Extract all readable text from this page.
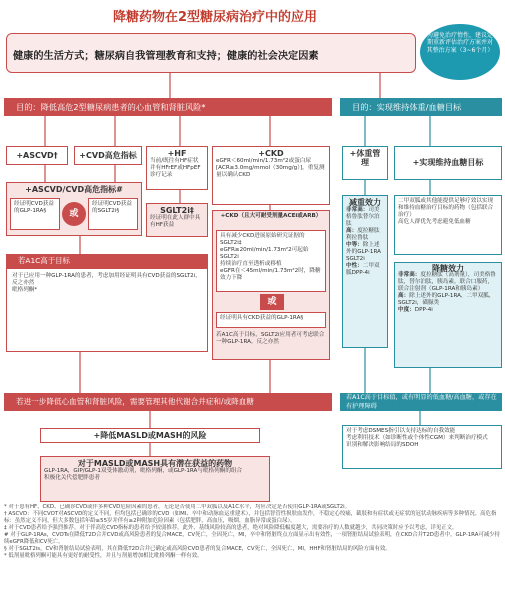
降糖药物在2型糖尿病治疗中的应用
健康的生活方式；糖尿病自我管理教育和支持；健康的社会决定因素
为避免治疗惰性，建议定期重新评估治疗方案并对其整治方案（3~6个月）
目的：降低高危2型糖尿病患者的心血管和肾脏风险*	目的：实现维持体重/血糖目标
+ASCVD†	+CVD高危指标	+HF
当前/既往有HF症状并有HFrEF或HFpEF诊疗记录
+CKD
eGFR＜60ml/min/1.73m²2或蛋白尿[ACR≥3.0mg/mmol（30mg/g）]，重复测量以确认CKD
+ASCVD/CVD高危指标#
经证明CVD获益的GLP-1RA§	或
经证明CVD获益的SGLT2i§	SGLT2i‡
经证明在此人群中具有HF获益
+CKD（且大可耐受剂量ACEi或ARB）
具有减少CKD进展原始研究证据的SGLT2i‡
eGFR≥20ml/min/1.73m²2可起始SGLT2i
持续治疗直至透析或移植
eGFR在＜45ml/min/1.73m²2时，降糖效力下降
或
经证明具有CKD获益的GLP-1RA§
若A1C高于目标，SGLT2i应用者可考虑联合一种GLP-1RA，反之亦然
若A1C高于目标
对于已应用一种GLP-1RA的患者，考虑加用经证明具有CVD获益的SGLT2i，反之亦然
吡格列酮*
+体重管理	+实现维持血糖目标
减重效力
非常高：司美格鲁肽替尔泊肽
高：度拉糖肽利拉鲁肽
中等：除上述外的GLP-1RA SGLT2i
中性：二甲双胍DPP-4i
二甲双胍或其他能提供足够疗效以实现和维持血糖治疗目标的药物（包括联合治疗）
高危人群优先考虑避免低血糖
降糖效力
非常高：度拉糖肽（高剂量），司美格鲁肽，替尔泊肽，胰岛素，联合口服药，联合注射剂（GLP-1RA和胰岛素）
高：除上述外的GLP-1RA，二甲双胍，SGLT2i，磺脲类
中度：DPP-4i
若进一步降低心血管和肾脏风险，需要管理其他代谢合并症和/或降血糖	若A1C高于目标值，或有明显的低血糖/高血糖，或存在有护理障碍
对于考虑DSMES指引以支持达标的自我效能
考虑利用技术（如诊断性或个体性CGM）来判断治疗模式
识别和解决影响结局的SDOH
+降低MASLD或MASH的风险
对于MASLD或MASH具有潜在获益的药物
GLP-1RA，GIP/GLP-1双受体激动剂，吡格列酮，或GLP-1RA与吡格列酮的组合
积极化关代偿肥胖患者
* 对于患有HF、CKD、已确诊CVD或伴多种CVD危险因素的患者，无论是否使用二甲双胍以及A1C水平，均应决定是否使用GLP-1RA或SGLT2i。
† ASCVD：不同CVOT对ASCVD的定义不同，但均包括已确诊的CVD（如MI、卒中和动脉血运重建术），并包括智管性损肤血发作，不稳定心绞痛，截肢和有症状或无症状的冠状动脉疾病等多种情况。高危指标：虽然定义不同，但大多数包括年龄≥55岁并伴有≥2种附加危险因素（包括肥胖，高血压，吸烟，血脂异常或蛋白尿）。
‡ 对于CVD患者给予强烈推荐。对于伴高危CVD指标的患者给予较弱推荐。此外，基线风险较高的患者，绝对风险降低幅度越大，需要治疗的人数就越少，共同决策时应予以考虑，详见正文。
# 对于GLP-1RAs，CVOTs在降低T2D合并CVD或高风险患者的复合MACE，CV死亡，全因死亡，MI，卒中和肾脏终点方面显示出有效性，一项肾脏结局试验表明，在CKD合并T2D患者中，GLP-1RA可减少持续eGFR降低和CV死亡。
§ 对于SGLT2is，CV和肾脏结局试验表明，其在降低T2D合并已确定或高风险CVD患者的复合MACE，CV死亡，全因死亡，MI，HHF和肾脏结局的风险方面有效。
* 低剂量吡格列酮可能具有更好的耐受性，并且与剂量增加相比吡格列酮一样有效。
